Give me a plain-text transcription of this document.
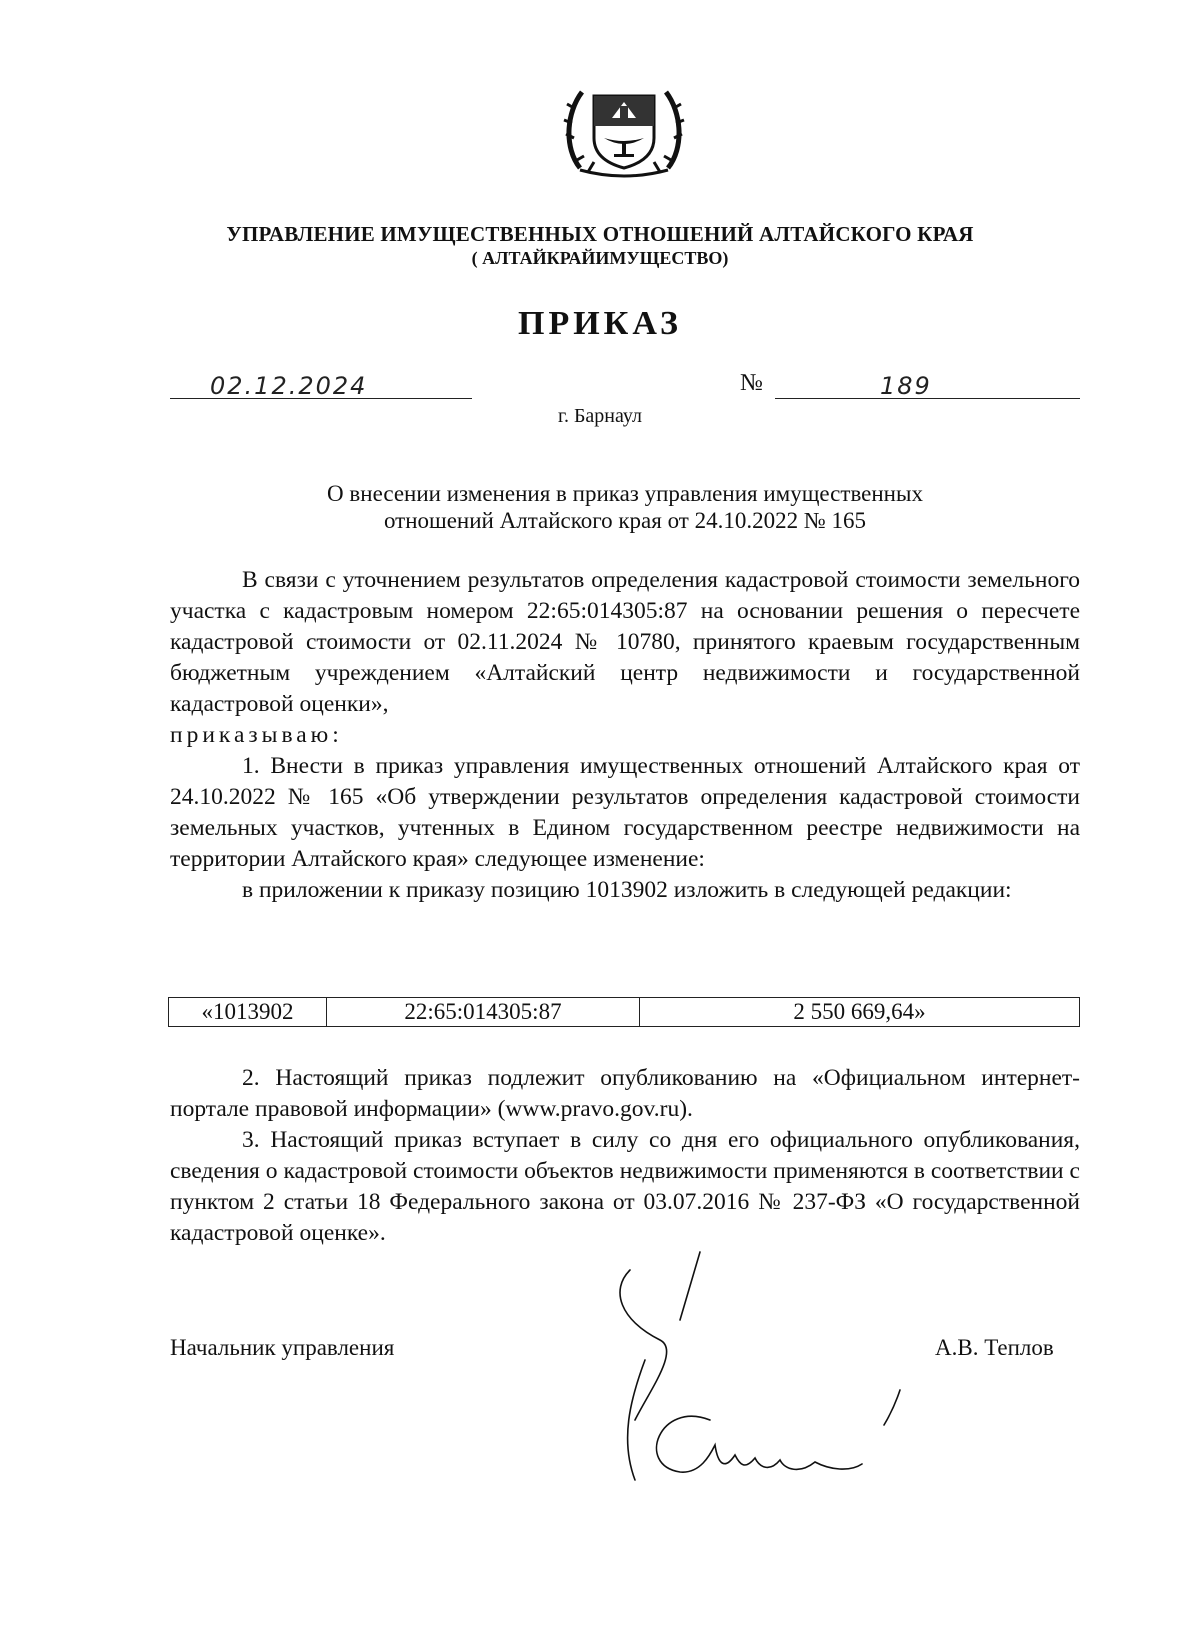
УПРАВЛЕНИЕ ИМУЩЕСТВЕННЫХ ОТНОШЕНИЙ АЛТАЙСКОГО КРАЯ
( АЛТАЙКРАЙИМУЩЕСТВО)
ПРИКАЗ
02.12.2024	№	189
г. Барнаул
О внесении изменения в приказ управления имущественных
отношений Алтайского края от 24.10.2022 № 165

В связи с уточнением результатов определения кадастровой стоимости земельного участка с кадастровым номером 22:65:014305:87 на основании решения о пересчете кадастровой стоимости от 02.11.2024 № 10780, принятого краевым государственным бюджетным учреждением «Алтайский центр недвижимости и государственной кадастровой оценки»,

приказываю:

1. Внести в приказ управления имущественных отношений Алтайского края от 24.10.2022 № 165 «Об утверждении результатов определения кадастровой стоимости земельных участков, учтенных в Едином государственном реестре недвижимости на территории Алтайского края» следующее изменение:

в приложении к приказу позицию 1013902 изложить в следующей редакции:

«1013902	22:65:014305:87	2 550 669,64»

2. Настоящий приказ подлежит опубликованию на «Официальном интернет-портале правовой информации» (www.pravo.gov.ru).

3. Настоящий приказ вступает в силу со дня его официального опубликования, сведения о кадастровой стоимости объектов недвижимости применяются в соответствии с пунктом 2 статьи 18 Федерального закона от 03.07.2016 № 237-ФЗ «О государственной кадастровой оценке».

Начальник управления	А.В. Теплов
